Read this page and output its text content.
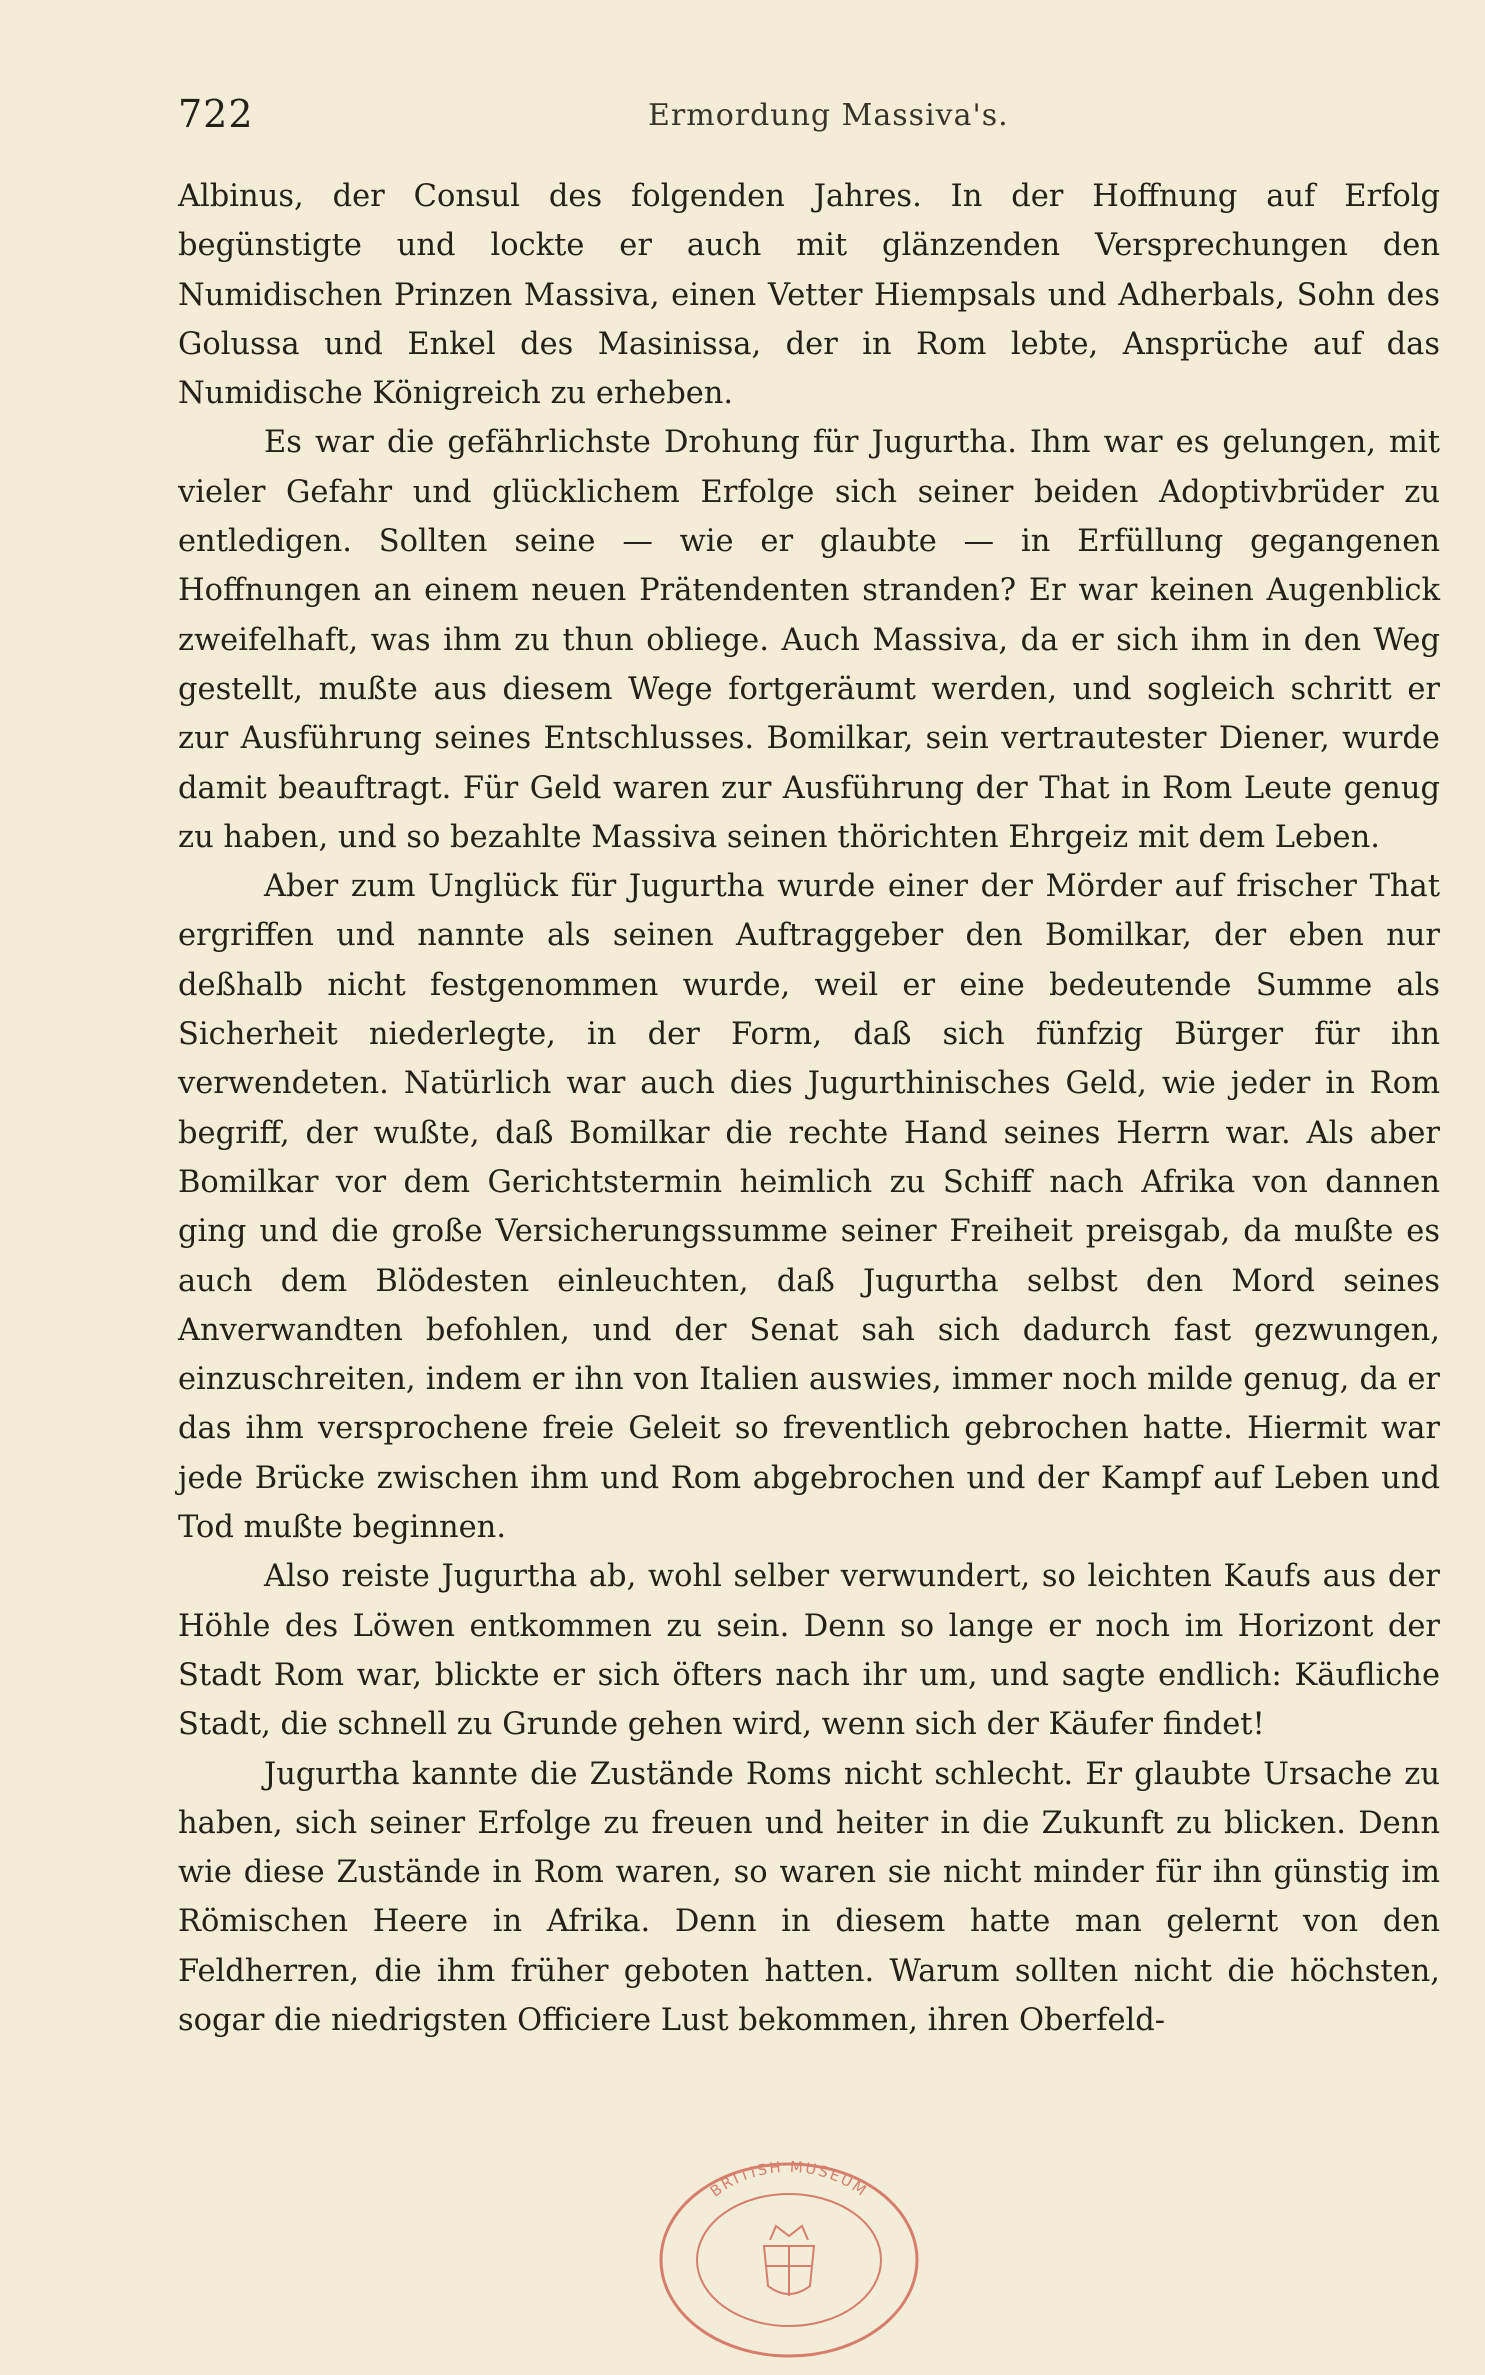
722	Ermordung Massiva's.

Albinus, der Consul des folgenden Jahres. In der Hoffnung auf Erfolg begünstigte und lockte er auch mit glänzenden Versprechungen den Numidischen Prinzen Massiva, einen Vetter Hiempsals und Adherbals, Sohn des Golussa und Enkel des Masinissa, der in Rom lebte, Ansprüche auf das Numidische Königreich zu erheben.

Es war die gefährlichste Drohung für Jugurtha. Ihm war es gelungen, mit vieler Gefahr und glücklichem Erfolge sich seiner beiden Adoptivbrüder zu entledigen. Sollten seine — wie er glaubte — in Erfüllung gegangenen Hoffnungen an einem neuen Prätendenten stranden? Er war keinen Augenblick zweifelhaft, was ihm zu thun obliege. Auch Massiva, da er sich ihm in den Weg gestellt, mußte aus diesem Wege fortgeräumt werden, und sogleich schritt er zur Ausführung seines Entschlusses. Bomilkar, sein vertrautester Diener, wurde damit beauftragt. Für Geld waren zur Ausführung der That in Rom Leute genug zu haben, und so bezahlte Massiva seinen thörichten Ehrgeiz mit dem Leben.

Aber zum Unglück für Jugurtha wurde einer der Mörder auf frischer That ergriffen und nannte als seinen Auftraggeber den Bomilkar, der eben nur deßhalb nicht festgenommen wurde, weil er eine bedeutende Summe als Sicherheit niederlegte, in der Form, daß sich fünfzig Bürger für ihn verwendeten. Natürlich war auch dies Jugurthinisches Geld, wie jeder in Rom begriff, der wußte, daß Bomilkar die rechte Hand seines Herrn war. Als aber Bomilkar vor dem Gerichtstermin heimlich zu Schiff nach Afrika von dannen ging und die große Versicherungssumme seiner Freiheit preisgab, da mußte es auch dem Blödesten einleuchten, daß Jugurtha selbst den Mord seines Anverwandten befohlen, und der Senat sah sich dadurch fast gezwungen, einzuschreiten, indem er ihn von Italien auswies, immer noch milde genug, da er das ihm versprochene freie Geleit so freventlich gebrochen hatte. Hiermit war jede Brücke zwischen ihm und Rom abgebrochen und der Kampf auf Leben und Tod mußte beginnen.

Also reiste Jugurtha ab, wohl selber verwundert, so leichten Kaufs aus der Höhle des Löwen entkommen zu sein. Denn so lange er noch im Horizont der Stadt Rom war, blickte er sich öfters nach ihr um, und sagte endlich: Käufliche Stadt, die schnell zu Grunde gehen wird, wenn sich der Käufer findet!

Jugurtha kannte die Zustände Roms nicht schlecht. Er glaubte Ursache zu haben, sich seiner Erfolge zu freuen und heiter in die Zukunft zu blicken. Denn wie diese Zustände in Rom waren, so waren sie nicht minder für ihn günstig im Römischen Heere in Afrika. Denn in diesem hatte man gelernt von den Feldherren, die ihm früher geboten hatten. Warum sollten nicht die höchsten, sogar die niedrigsten Officiere Lust bekommen, ihren Oberfeld-

BRITISH MUSEUM
